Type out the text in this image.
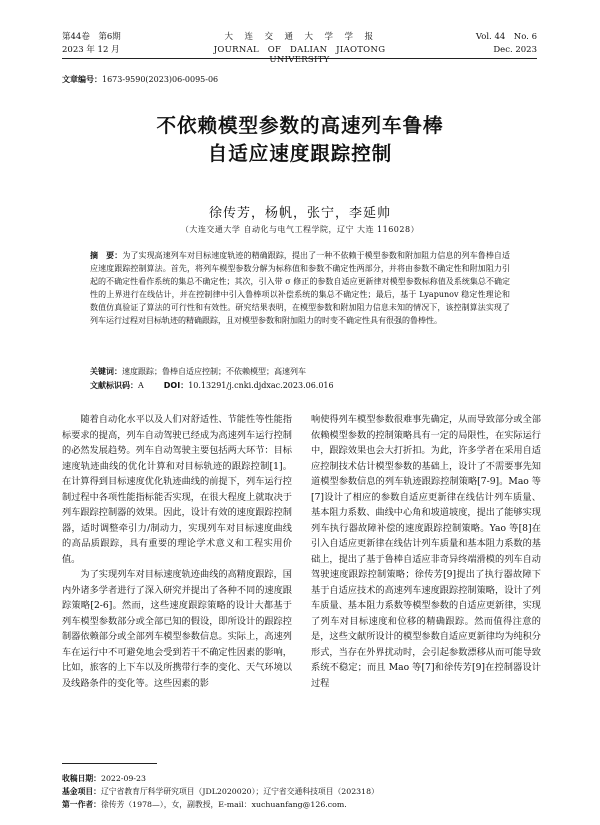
第44卷　第6期	大　连　交　通　大　学　学　报	Vol. 44　No. 6
2023 年 12 月	JOURNAL　OF　DALIAN　JIAOTONG　UNIVERSITY
Dec. 2023
文章编号：1673-9590(2023)06-0095-06
不依赖模型参数的高速列车鲁棒
自适应速度跟踪控制
徐传芳，杨帆，张宁，李延帅
（大连交通大学 自动化与电气工程学院，辽宁 大连 116028）
摘　要：为了实现高速列车对目标速度轨迹的精确跟踪，提出了一种不依赖于模型参数和附加阻力信息的列车鲁棒自适应速度跟踪控制算法。首先，将列车模型参数分解为标称值和参数不确定性两部分，并将由参数不确定性和附加阻力引起的不确定性看作系统的集总不确定性；其次，引入带 σ 修正的参数自适应更新律对模型参数标称值及系统集总不确定性的上界进行在线估计，并在控制律中引入鲁棒项以补偿系统的集总不确定性；最后，基于 Lyapunov 稳定性理论和数值仿真验证了算法的可行性和有效性。研究结果表明，在模型参数和附加阻力信息未知的情况下，该控制算法实现了列车运行过程对目标轨迹的精确跟踪，且对模型参数和附加阻力的时变不确定性具有很强的鲁棒性。
关键词：速度跟踪；鲁棒自适应控制；不依赖模型；高速列车
文献标识码：A	DOI：10.13291/j.cnki.djdxac.2023.06.016

随着自动化水平以及人们对舒适性、节能性等性能指标要求的提高，列车自动驾驶已经成为高速列车运行控制的必然发展趋势。列车自动驾驶主要包括两大环节：目标速度轨迹曲线的优化计算和对目标轨迹的跟踪控制[1]。在计算得到目标速度优化轨迹曲线的前提下，列车运行控制过程中各项性能指标能否实现，在很大程度上就取决于列车跟踪控制器的效果。因此，设计有效的速度跟踪控制器，适时调整牵引力/制动力，实现列车对目标速度曲线的高品质跟踪，具有重要的理论学术意义和工程实用价值。

为了实现列车对目标速度轨迹曲线的高精度跟踪，国内外诸多学者进行了深入研究并提出了各种不同的速度跟踪策略[2-6]。然而，这些速度跟踪策略的设计大都基于列车模型参数部分或全部已知的假设，即所设计的跟踪控制器依赖部分或全部列车模型参数信息。实际上，高速列车在运行中不可避免地会受到若干不确定性因素的影响，比如，旅客的上下车以及所携带行李的变化、天气环境以及线路条件的变化等。这些因素的影

响使得列车模型参数很难事先确定，从而导致部分或全部依赖模型参数的控制策略具有一定的局限性，在实际运行中，跟踪效果也会大打折扣。为此，许多学者在采用自适应控制技术估计模型参数的基础上，设计了不需要事先知道模型参数信息的列车轨迹跟踪控制策略[7-9]。Mao 等[7]设计了相应的参数自适应更新律在线估计列车质量、基本阻力系数、曲线中心角和坡道坡度，提出了能够实现列车执行器故障补偿的速度跟踪控制策略。Yao 等[8]在引入自适应更新律在线估计列车质量和基本阻力系数的基础上，提出了基于鲁棒自适应非奇异终端滑模的列车自动驾驶速度跟踪控制策略；徐传芳[9]提出了执行器故障下基于自适应技术的高速列车速度跟踪控制策略，设计了列车质量、基本阻力系数等模型参数的自适应更新律，实现了列车对目标速度和位移的精确跟踪。然而值得注意的是，这些文献所设计的模型参数自适应更新律均为纯积分形式，当存在外界扰动时，会引起参数漂移从而可能导致系统不稳定；而且 Mao 等[7]和徐传芳[9]在控制器设计过程

收稿日期：2022-09-23
基金项目：辽宁省教育厅科学研究项目（JDL2020020）；辽宁省交通科技项目（202318）
第一作者：徐传芳（1978—），女，副教授，E-mail：xuchuanfang@126.com.
